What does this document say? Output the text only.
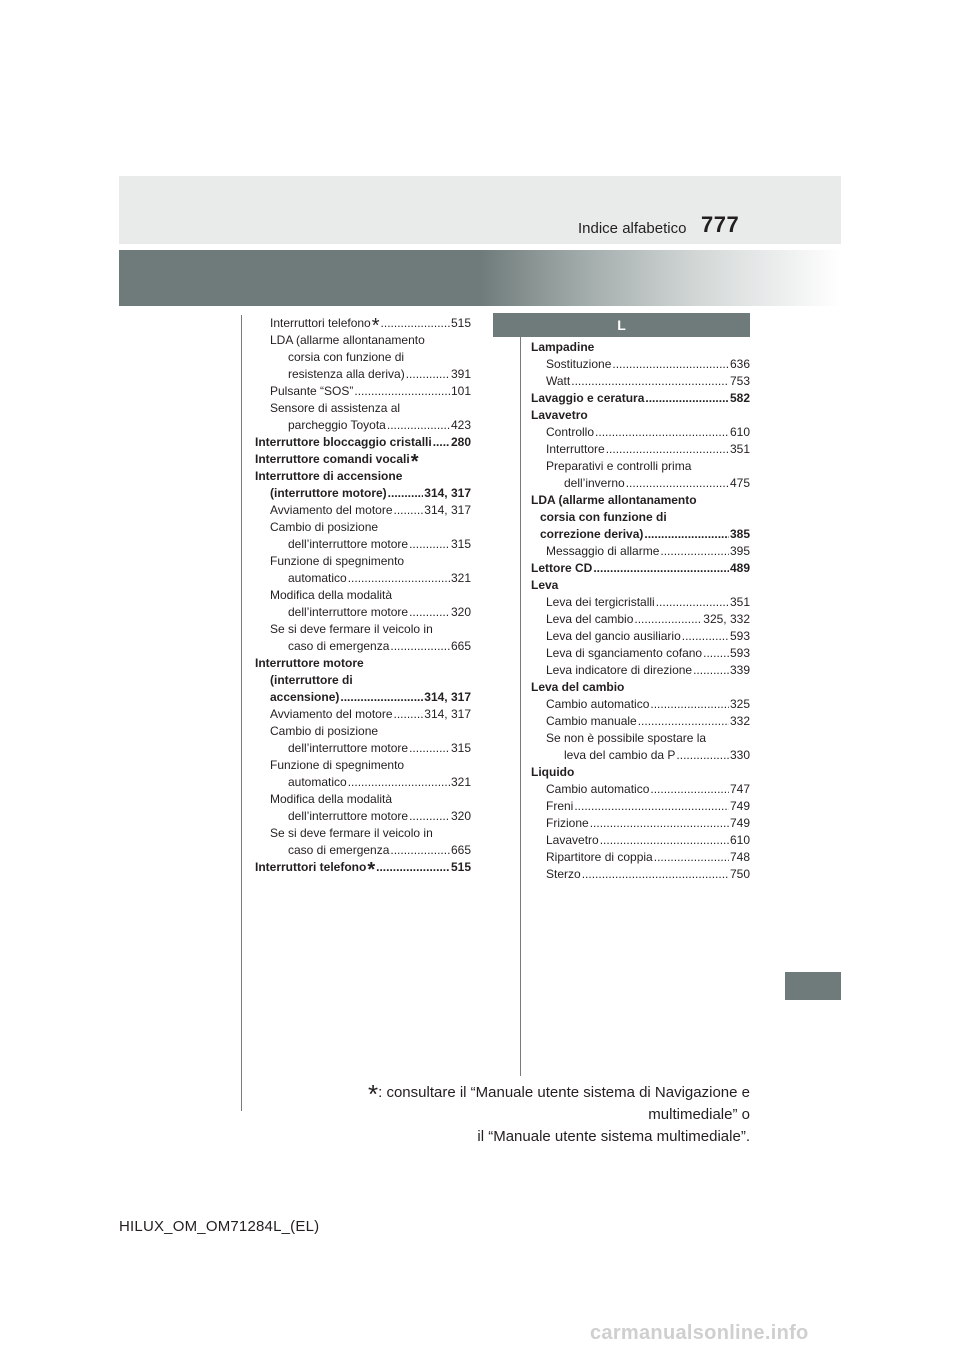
Indice alfabetico 777
Interruttori telefono * .....	515
LDA (allarme allontanamento
corsia con funzione di
resistenza alla deriva) .....	391
Pulsante “SOS” .....	101
Sensore di assistenza al
parcheggio Toyota .....	423
Interruttore bloccaggio cristalli ..... 280
Interruttore comandi vocali *
Interruttore di accensione
(interruttore motore) .....	314, 317
Avviamento del motore .....	314, 317
Cambio di posizione
dell’interruttore motore .....	315
Funzione di spegnimento
automatico .....	321
Modifica della modalità
dell’interruttore motore .....	320
Se si deve fermare il veicolo in
caso di emergenza .....	665
Interruttore motore
(interruttore di
accensione) .....	314, 317
Avviamento del motore .....	314, 317
Cambio di posizione
dell’interruttore motore .....	315
Funzione di spegnimento
automatico .....	321
Modifica della modalità
dell’interruttore motore .....	320
Se si deve fermare il veicolo in
caso di emergenza .....	665
Interruttori telefono * .....	515
L
Lampadine
Sostituzione .....	636
Watt .....	753
Lavaggio e ceratura .....	582
Lavavetro
Controllo .....	610
Interruttore .....	351
Preparativi e controlli prima
dell’inverno .....	475
LDA (allarme allontanamento
corsia con funzione di
correzione deriva) .....	385
Messaggio di allarme .....	395
Lettore CD .....	489
Leva
Leva dei tergicristalli .....	351
Leva del cambio .....	325, 332
Leva del gancio ausiliario .....	593
Leva di sganciamento cofano ..... 593
Leva indicatore di direzione .....	339
Leva del cambio
Cambio automatico .....	325
Cambio manuale .....	332
Se non è possibile spostare la
leva del cambio da P .....	330
Liquido
Cambio automatico .....	747
Freni .....	749
Frizione .....	749
Lavavetro .....	610
Ripartitore di coppia .....	748
Sterzo .....	750
*: consultare il “Manuale utente sistema di Navigazione e multimediale” o
il “Manuale utente sistema multimediale”.
HILUX_OM_OM71284L_(EL)
carmanualsonline.info
